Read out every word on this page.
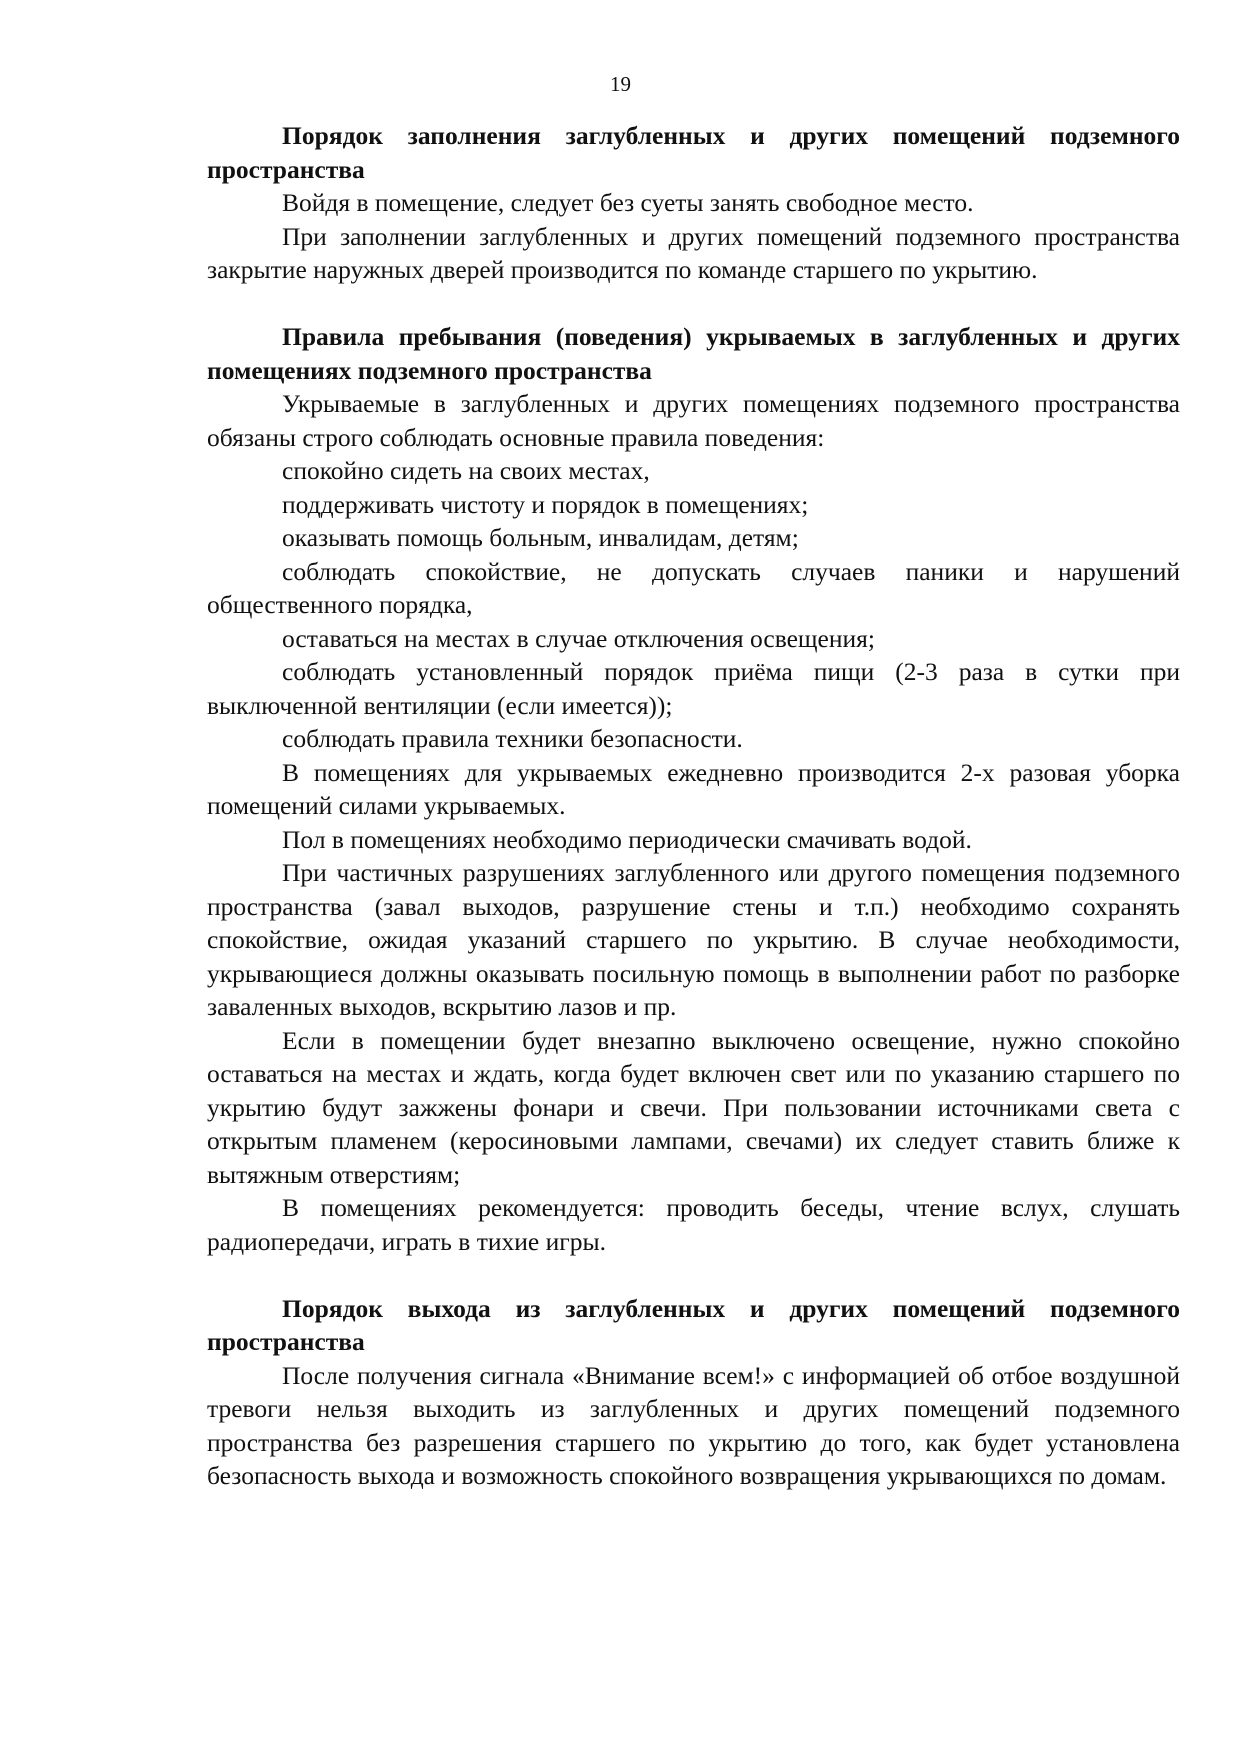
19
Порядок заполнения заглубленных и других помещений подземного пространства

Войдя в помещение, следует без суеты занять свободное место.

При заполнении заглубленных и других помещений подземного пространства закрытие наружных дверей производится по команде старшего по укрытию.

Правила пребывания (поведения) укрываемых в заглубленных и других помещениях подземного пространства

Укрываемые в заглубленных и других помещениях подземного пространства обязаны строго соблюдать основные правила поведения:

спокойно сидеть на своих местах,

поддерживать чистоту и порядок в помещениях;

оказывать помощь больным, инвалидам, детям;

соблюдать спокойствие, не допускать случаев паники и нарушений общественного порядка,

оставаться на местах в случае отключения освещения;

соблюдать установленный порядок приёма пищи (2-3 раза в сутки при выключенной вентиляции (если имеется));

соблюдать правила техники безопасности.

В помещениях для укрываемых ежедневно производится 2-х разовая уборка помещений силами укрываемых.

Пол в помещениях необходимо периодически смачивать водой.

При частичных разрушениях заглубленного или другого помещения подземного пространства (завал выходов, разрушение стены и т.п.) необходимо сохранять спокойствие, ожидая указаний старшего по укрытию. В случае необходимости, укрывающиеся должны оказывать посильную помощь в выполнении работ по разборке заваленных выходов, вскрытию лазов и пр.

Если в помещении будет внезапно выключено освещение, нужно спокойно оставаться на местах и ждать, когда будет включен свет или по указанию старшего по укрытию будут зажжены фонари и свечи. При пользовании источниками света с открытым пламенем (керосиновыми лампами, свечами) их следует ставить ближе к вытяжным отверстиям;

В помещениях рекомендуется: проводить беседы, чтение вслух, слушать радиопередачи, играть в тихие игры.

Порядок выхода из заглубленных и других помещений подземного пространства

После получения сигнала «Внимание всем!» с информацией об отбое воздушной тревоги нельзя выходить из заглубленных и других помещений подземного пространства без разрешения старшего по укрытию до того, как будет установлена безопасность выхода и возможность спокойного возвращения укрывающихся по домам.
